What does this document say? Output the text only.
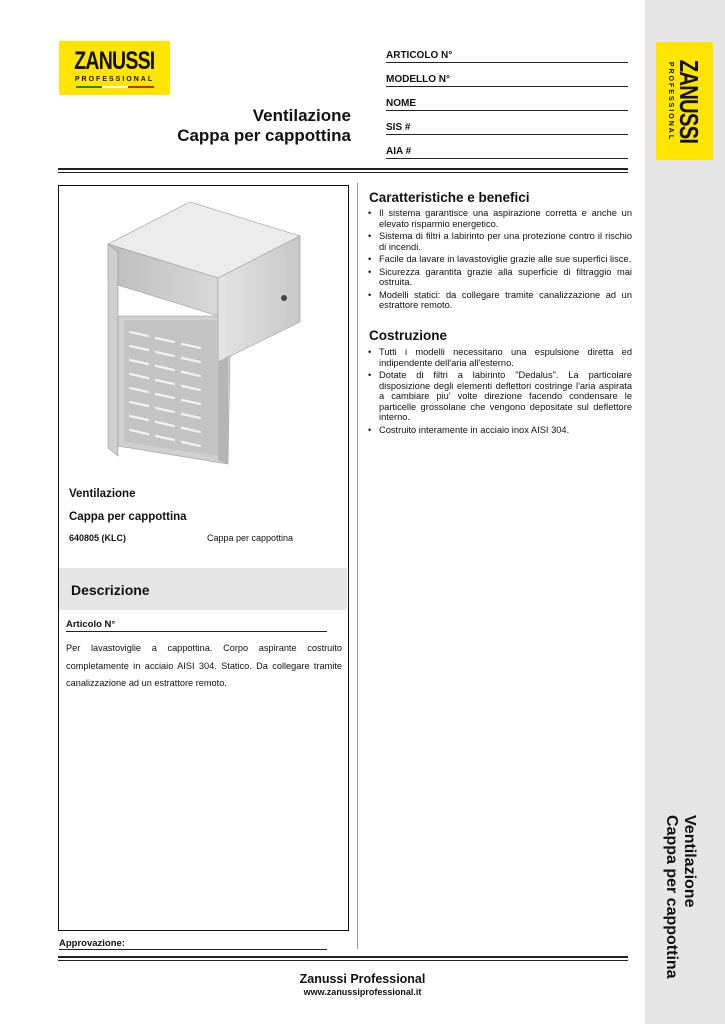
ZANUSSI
PROFESSIONAL	ZANUSSI
PROFESSIONAL
Ventilazione
Cappa per cappottina
ARTICOLO N°
MODELLO N°
NOME
SIS #
AIA #
Ventilazione
Cappa per cappottina
640805 (KLC)	Cappa per cappottina
Descrizione
Articolo N°
Per lavastoviglie a cappottina. Corpo aspirante costruito completamente in acciaio AISI 304. Statico. Da collegare tramite canalizzazione ad un estrattore remoto.
Caratteristiche e benefici
• Il sistema garantisce una aspirazione corretta e anche un elevato risparmio energetico.
• Sistema di filtri a labirinto per una protezione contro il rischio di incendi.
• Facile da lavare in lavastoviglie grazie alle sue superfici lisce.
• Sicurezza garantita grazie alla superficie di filtraggio mai ostruita.
• Modelli statici: da collegare tramite canalizzazione ad un estrattore remoto.
Costruzione
• Tutti i modelli necessitano una espulsione diretta ed indipendente dell'aria all'esterno.
• Dotate di filtri a labirinto "Dedalus". La particolare disposizione degli elementi deflettori costringe l'aria aspirata a cambiare piu' volte direzione facendo condensare le particelle grossolane che vengono depositate sul deflettore interno.
• Costruito interamente in acciaio inox AISI 304.
Approvazione:
Zanussi Professional
www.zanussiprofessional.it
Ventilazione
Cappa per cappottina
